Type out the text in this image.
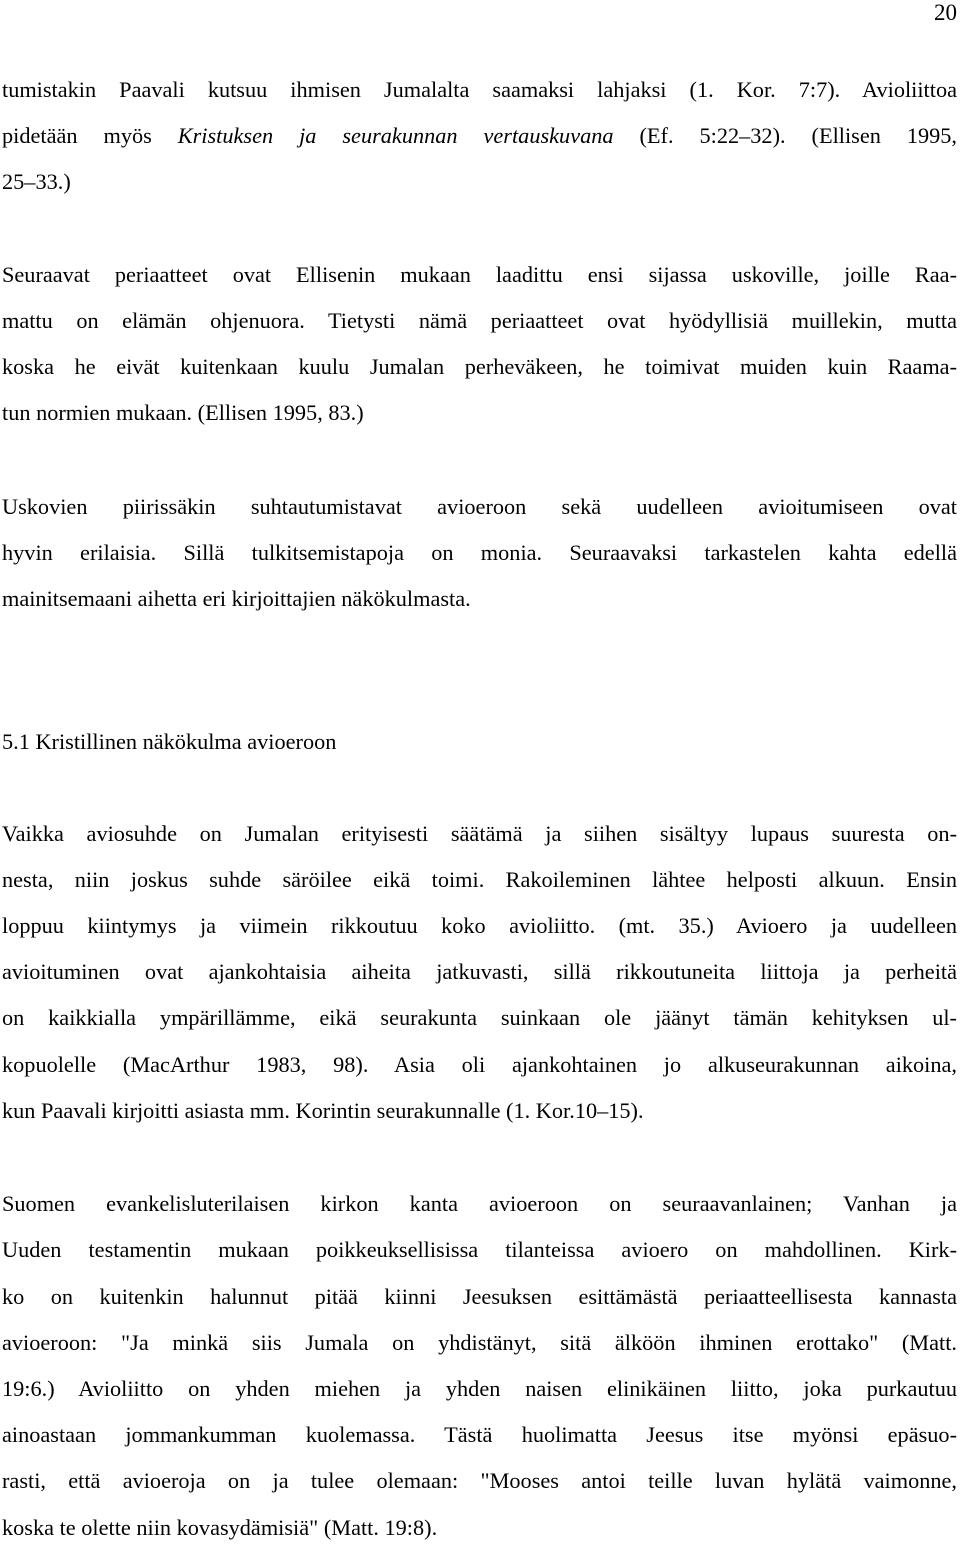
20
tumistakin Paavali kutsuu ihmisen Jumalalta saamaksi lahjaksi (1. Kor. 7:7). Avioliittoa
pidetään myös Kristuksen ja seurakunnan vertauskuvana (Ef. 5:22–32). (Ellisen 1995,
25–33.)
Seuraavat periaatteet ovat Ellisenin mukaan laadittu ensi sijassa uskoville, joille Raa-
mattu on elämän ohjenuora. Tietysti nämä periaatteet ovat hyödyllisiä muillekin, mutta
koska he eivät kuitenkaan kuulu Jumalan perheväkeen, he toimivat muiden kuin Raama-
tun normien mukaan. (Ellisen 1995, 83.)
Uskovien piirissäkin suhtautumistavat avioeroon sekä uudelleen avioitumiseen ovat
hyvin erilaisia. Sillä tulkitsemistapoja on monia. Seuraavaksi tarkastelen kahta edellä
mainitsemaani aihetta eri kirjoittajien näkökulmasta.
5.1 Kristillinen näkökulma avioeroon
Vaikka aviosuhde on Jumalan erityisesti säätämä ja siihen sisältyy lupaus suuresta on-
nesta, niin joskus suhde säröilee eikä toimi. Rakoileminen lähtee helposti alkuun. Ensin
loppuu kiintymys ja viimein rikkoutuu koko avioliitto. (mt. 35.) Avioero ja uudelleen
avioituminen ovat ajankohtaisia aiheita jatkuvasti, sillä rikkoutuneita liittoja ja perheitä
on kaikkialla ympärillämme, eikä seurakunta suinkaan ole jäänyt tämän kehityksen ul-
kopuolelle (MacArthur 1983, 98). Asia oli ajankohtainen jo alkuseurakunnan aikoina,
kun Paavali kirjoitti asiasta mm. Korintin seurakunnalle (1. Kor.10–15).
Suomen evankelisluterilaisen kirkon kanta avioeroon on seuraavanlainen; Vanhan ja
Uuden testamentin mukaan poikkeuksellisissa tilanteissa avioero on mahdollinen. Kirk-
ko on kuitenkin halunnut pitää kiinni Jeesuksen esittämästä periaatteellisesta kannasta
avioeroon: "Ja minkä siis Jumala on yhdistänyt, sitä älköön ihminen erottako" (Matt.
19:6.) Avioliitto on yhden miehen ja yhden naisen elinikäinen liitto, joka purkautuu
ainoastaan jommankumman kuolemassa. Tästä huolimatta Jeesus itse myönsi epäsuo-
rasti, että avioeroja on ja tulee olemaan: "Mooses antoi teille luvan hylätä vaimonne,
koska te olette niin kovasydämisiä" (Matt. 19:8).
